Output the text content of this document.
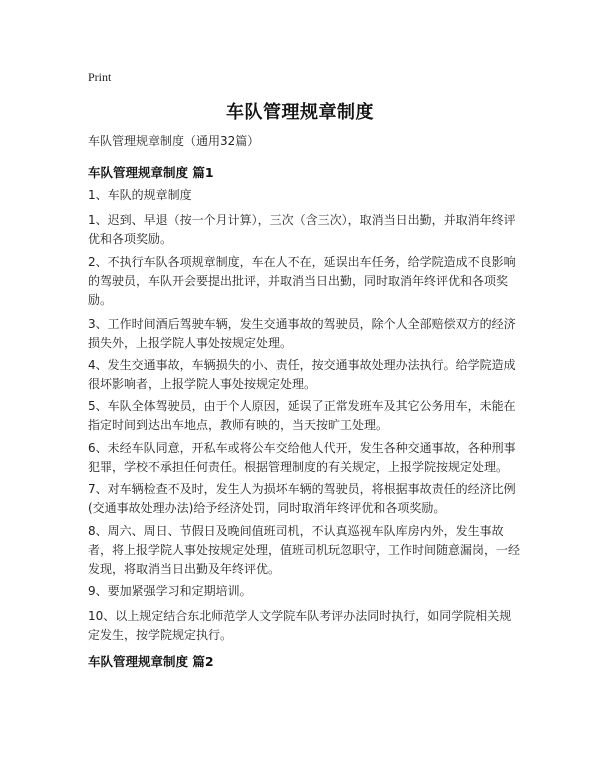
Print
车队管理规章制度
车队管理规章制度（通用32篇）
车队管理规章制度 篇1
1、车队的规章制度
1、迟到、早退（按一个月计算），三次（含三次），取消当日出勤，并取消年终评优和各项奖励。
2、不执行车队各项规章制度，车在人不在，延误出车任务，给学院造成不良影响的驾驶员，车队开会要提出批评，并取消当日出勤，同时取消年终评优和各项奖励。
3、工作时间酒后驾驶车辆，发生交通事故的驾驶员，除个人全部赔偿双方的经济损失外，上报学院人事处按规定处理。
4、发生交通事故，车辆损失的小、责任，按交通事故处理办法执行。给学院造成很坏影响者，上报学院人事处按规定处理。
5、车队全体驾驶员，由于个人原因，延误了正常发班车及其它公务用车，未能在指定时间到达出车地点，教师有映的，当天按旷工处理。
6、未经车队同意，开私车或将公车交给他人代开，发生各种交通事故，各种刑事犯罪，学校不承担任何责任。根据管理制度的有关规定，上报学院按规定处理。
7、对车辆检查不及时，发生人为损坏车辆的驾驶员，将根据事故责任的经济比例(交通事故处理办法)给予经济处罚，同时取消年终评优和各项奖励。
8、周六、周日、节假日及晚间值班司机，不认真巡视车队库房内外，发生事故者，将上报学院人事处按规定处理，值班司机玩忽职守，工作时间随意漏岗，一经发现，将取消当日出勤及年终评优。
9、要加紧强学习和定期培训。
10、以上规定结合东北师范学人文学院车队考评办法同时执行，如同学院相关规定发生，按学院规定执行。
车队管理规章制度 篇2
